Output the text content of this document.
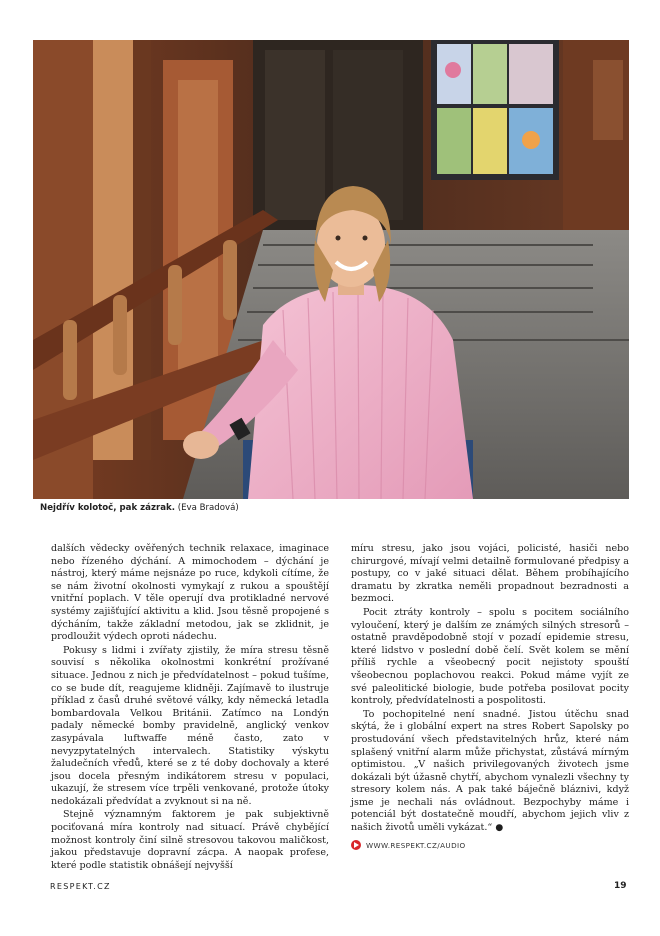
Nejdřív kolotoč, pak zázrak. (Eva Bradová)

dalších vědecky ověřených technik relaxace, imaginace nebo řízeného dýchání. A mimochodem – dýchání je nástroj, který máme nejsnáze po ruce, kdykoli cítíme, že se nám životní okolnosti vymykají z rukou a spouštějí vnitřní poplach. V těle operují dva protikladné nervové systémy zajišťující aktivitu a klid. Jsou těsně propojené s dýcháním, takže základní metodou, jak se zklidnit, je prodloužit výdech oproti nádechu.

Pokusy s lidmi i zvířaty zjistily, že míra stresu těsně souvisí s několika okolnostmi konkrétní prožívané situace. Jednou z nich je předvídatelnost – pokud tušíme, co se bude dít, reagujeme klidněji. Zajímavě to ilustruje příklad z časů druhé světové války, kdy německá letadla bombardovala Velkou Británii. Zatímco na Londýn padaly německé bomby pravidelně, anglický venkov zasypávala luftwaffe méně často, zato v nevyzpytatelných intervalech. Statistiky výskytu žaludečních vředů, které se z té doby dochovaly a které jsou docela přesným indikátorem stresu v populaci, ukazují, že stresem více trpěli venkované, protože útoky nedokázali předvídat a zvyknout si na ně.

Stejně významným faktorem je pak subjektivně pociťovaná míra kontroly nad situací. Právě chybějící možnost kontroly činí silně stresovou takovou maličkost, jakou představuje dopravní zácpa. A naopak profese, které podle statistik obnášejí nejvyšší

míru stresu, jako jsou vojáci, policisté, hasiči nebo chirurgové, mívají velmi detailně formulované předpisy a postupy, co v jaké situaci dělat. Během probíhajícího dramatu by zkratka neměli propadnout bezradnosti a bezmoci.

Pocit ztráty kontroly – spolu s pocitem sociálního vyloučení, který je dalším ze známých silných stresorů – ostatně pravděpodobně stojí v pozadí epidemie stresu, které lidstvo v poslední době čelí. Svět kolem se mění příliš rychle a všeobecný pocit nejistoty spouští všeobecnou poplachovou reakci. Pokud máme vyjít ze své paleolitické biologie, bude potřeba posilovat pocity kontroly, předvídatelnosti a pospolitosti.

To pochopitelné není snadné. Jistou útěchu snad skýtá, že i globální expert na stres Robert Sapolsky po prostudování všech představitelných hrůz, které nám splašený vnitřní alarm může přichystat, zůstává mírným optimistou. „V našich privilegovaných životech jsme dokázali být úžasně chytří, abychom vynalezli všechny ty stresory kolem nás. A pak také báječně bláznivi, když jsme je nechali nás ovládnout. Bezpochyby máme i potenciál být dostatečně moudří, abychom jejich vliv z našich životů uměli vykázat.“ ●

WWW.RESPEKT.CZ/AUDIO
RESPEKT.CZ	19
